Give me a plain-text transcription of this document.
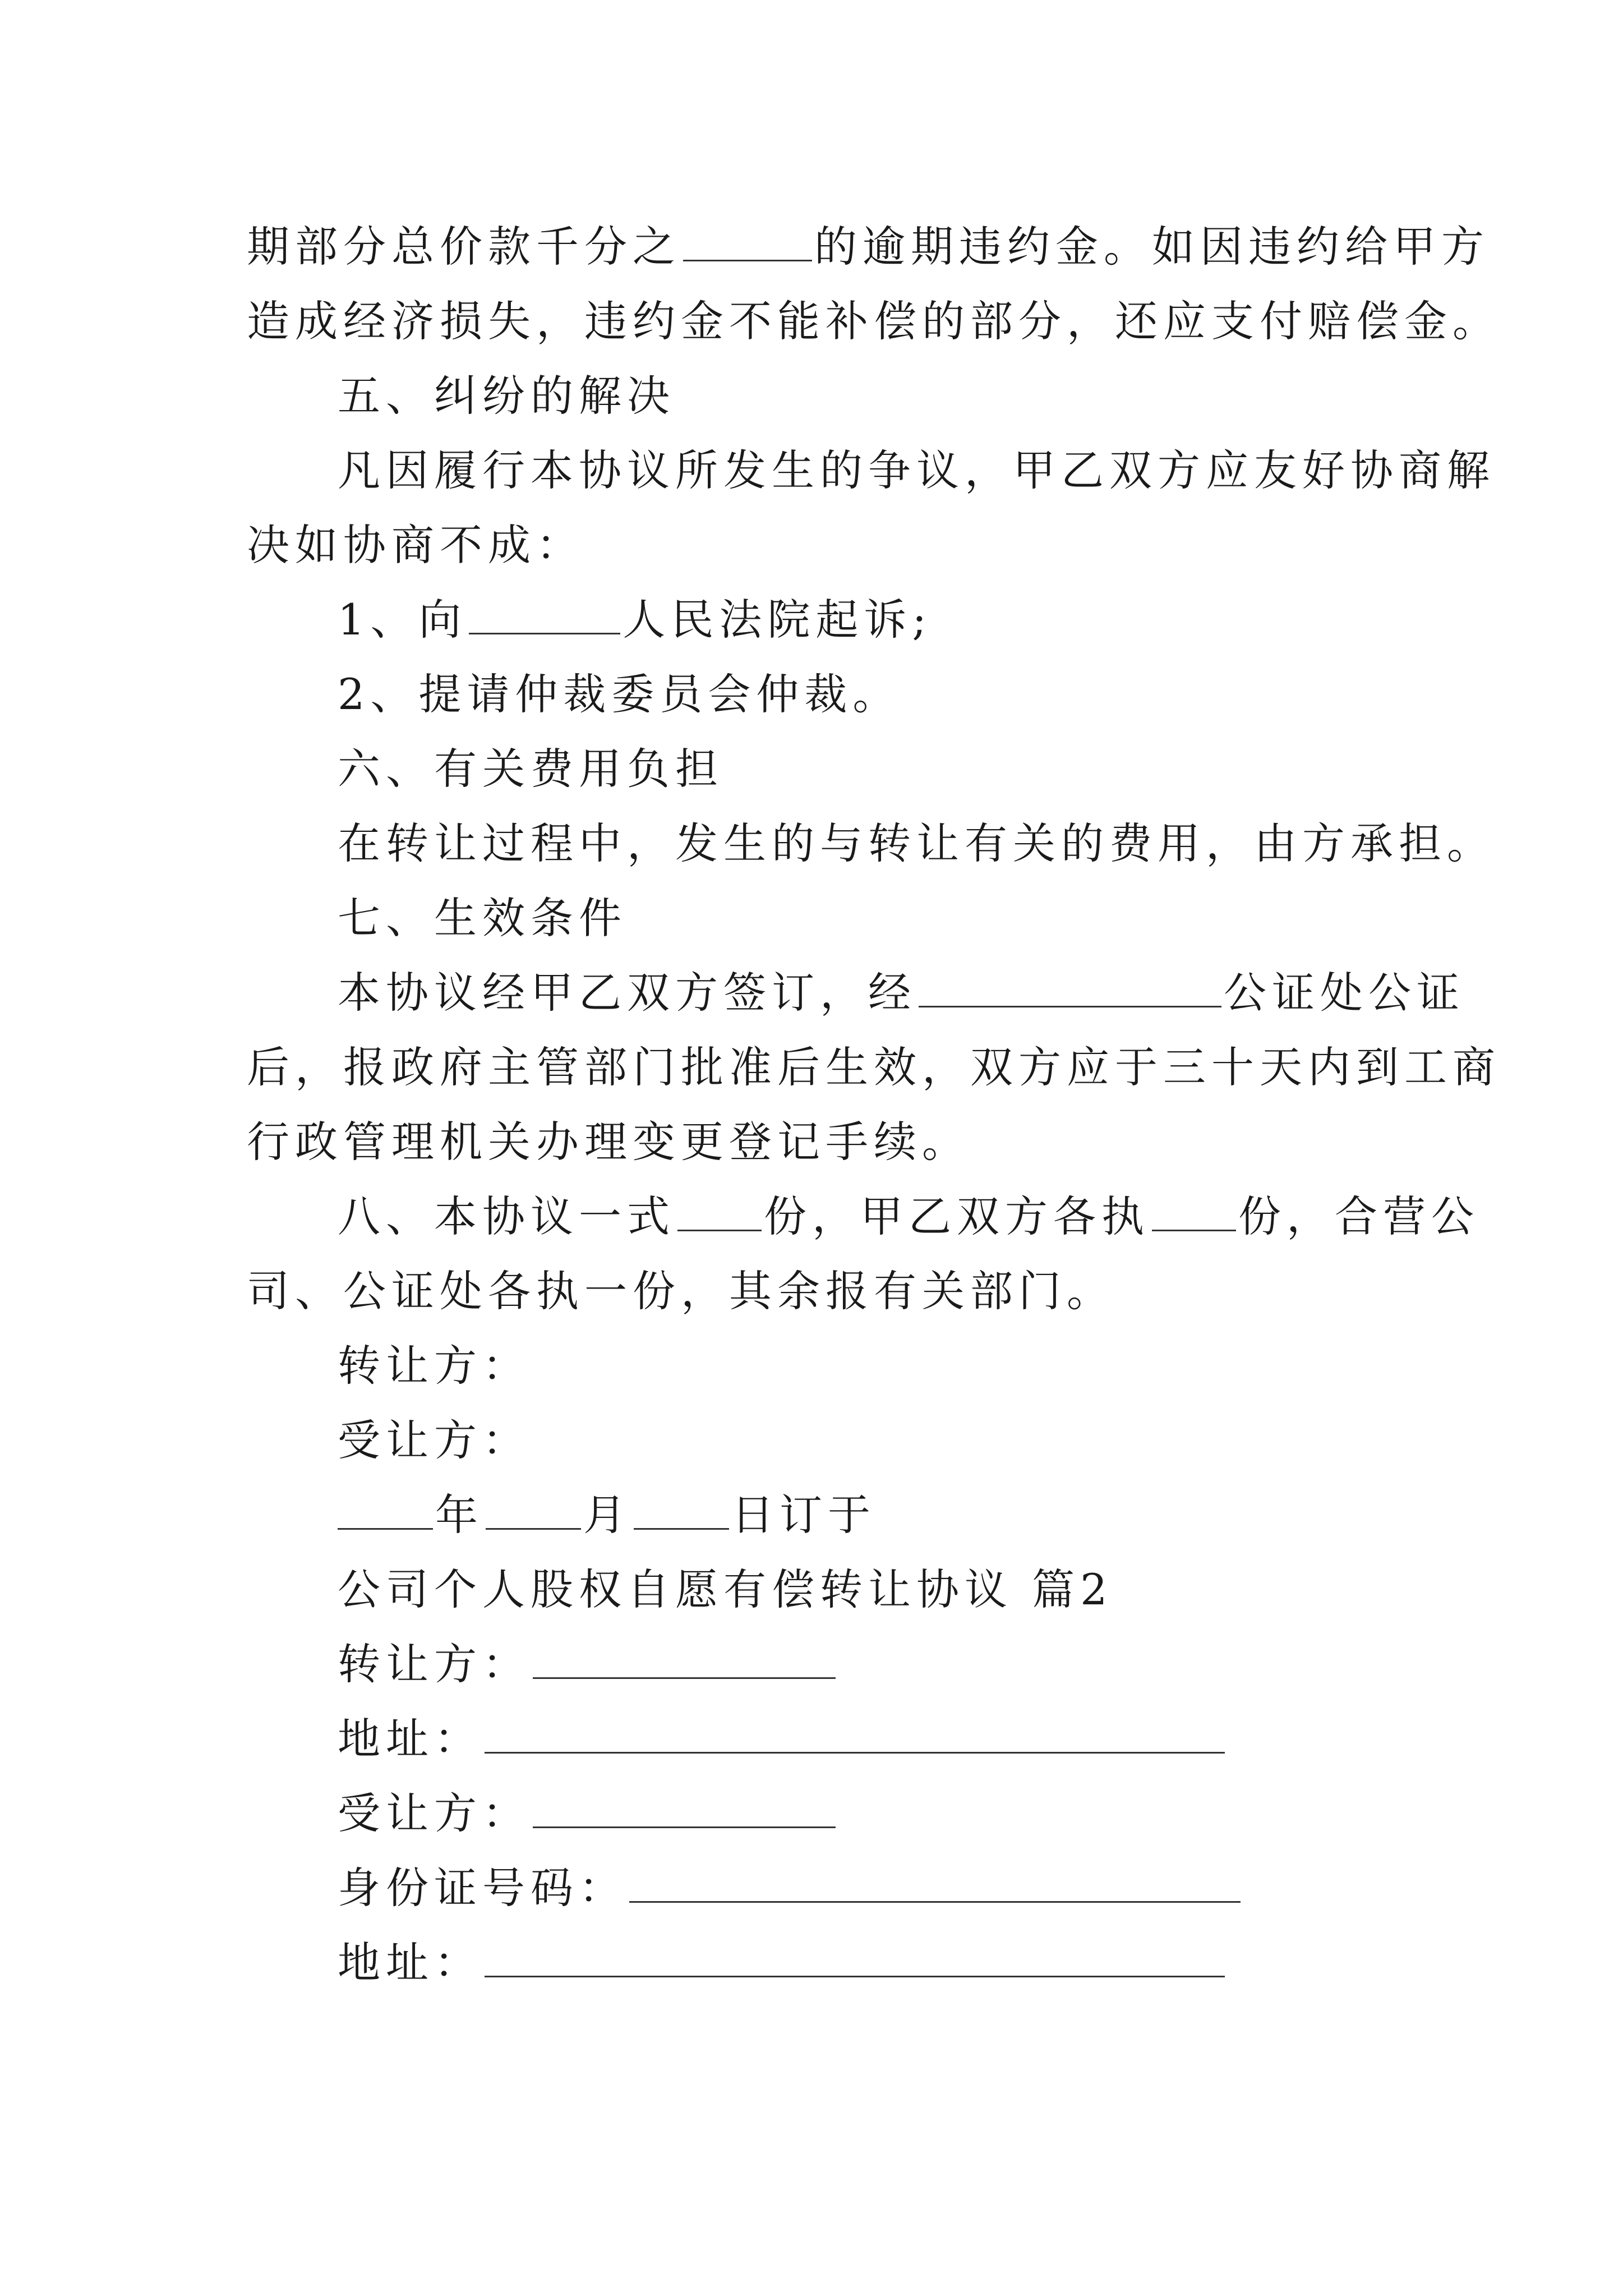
期部分总价款千分之	的逾期违约金。如因违约给甲方
造成经济损失，违约金不能补偿的部分，还应支付赔偿金。
五、纠纷的解决
凡因履行本协议所发生的争议，甲乙双方应友好协商解
决如协商不成：
1、向	人民法院起诉;
2、提请仲裁委员会仲裁。
六、有关费用负担
在转让过程中，发生的与转让有关的费用，由方承担。
七、生效条件
本协议经甲乙双方签订，经	公证处公证
后，报政府主管部门批准后生效，双方应于三十天内到工商
行政管理机关办理变更登记手续。
八、本协议一式 份，甲乙双方各执 份，合营公
司、公证处各执一份，其余报有关部门。
转让方：
受让方：
年 月 日订于
公司个人股权自愿有偿转让协议 篇2
转让方：
地址：
受让方：
身份证号码：
地址：
